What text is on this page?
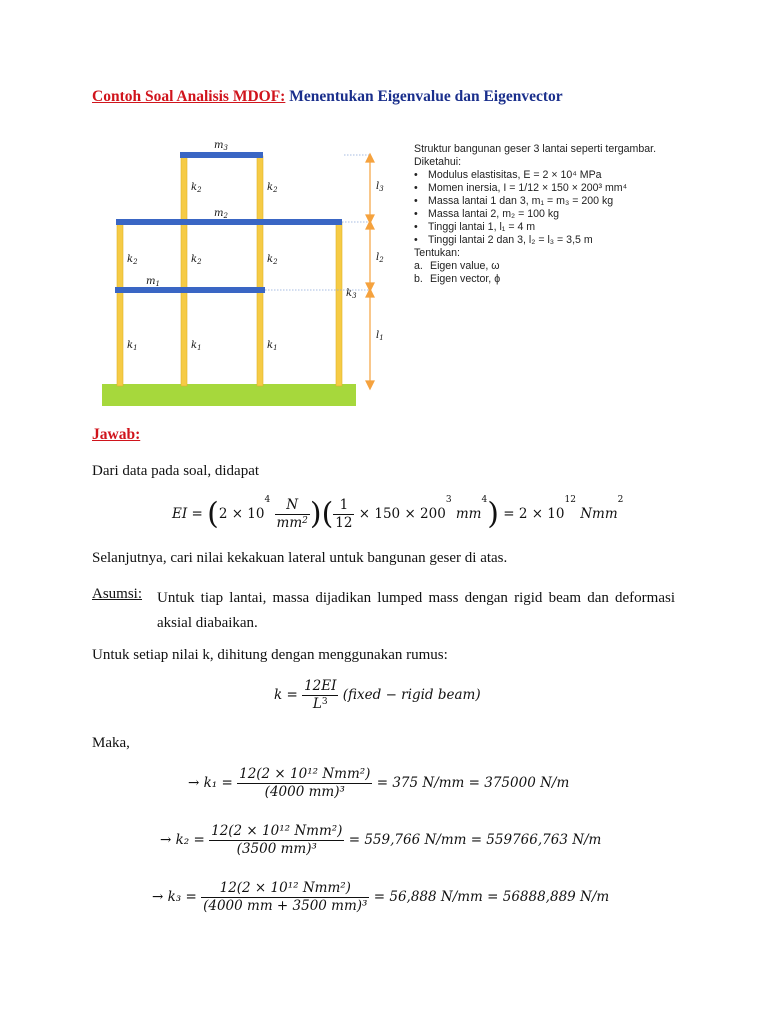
Contoh Soal Analisis MDOF: Menentukan Eigenvalue dan Eigenvector
$m_3$
$m_2$
$m_1$
$k_2$	$k_2$
$k_2$	$k_2$	$k_2$
$k_3$
$k_1$	$k_1$	$k_1$
$l_3$
$l_2$
$l_1$
Struktur bangunan geser 3 lantai seperti tergambar.
Diketahui:
• Modulus elastisitas, E = 2 × 10⁴ MPa
• Momen inersia, I = 1/12 × 150 × 200³ mm⁴
• Massa lantai 1 dan 3, m₁ = m₃ = 200 kg
• Massa lantai 2, m₂ = 100 kg
• Tinggi lantai 1, l₁ = 4 m
• Tinggi lantai 2 dan 3, l₂ = l₃ = 3,5 m
Tentukan:
a. Eigen value, ω
b. Eigen vector, ϕ
Jawab:
Dari data pada soal, didapat
EI = ($2 \times 10^4 \frac{N}{mm^2}$ )( $\frac{1}{12} \times 150 \times 200^3$ $mm^4) = 2 \times 10^{12}$ Nmm$^2$
Selanjutnya, cari nilai kekakuan lateral untuk bangunan geser di atas.
Asumsi: Untuk tiap lantai, massa dijadikan lumped mass dengan rigid beam dan deformasi aksial diabaikan.
Untuk setiap nilai k, dihitung dengan menggunakan rumus:
$k = \frac{12EI}{L^3}$ (fixed − rigid beam)
Maka,
→ $k_1 = \frac{\text{12(2 × 10¹² Nmm²)}}{\text{(4000 mm)³}} = 375$ N/mm = 375000 N/m
→ $k_2 = \frac{\text{12(2 × 10¹² Nmm²)}}{\text{(3500 mm)³}} = 559,766$ N/mm = 559766,763 N/m
→ $k_3 = \frac{\text{12(2 × 10¹² Nmm²)}}{\text{(4000 mm + 3500 mm)³}} = 56,888$ N/mm = 56888,889 N/m
